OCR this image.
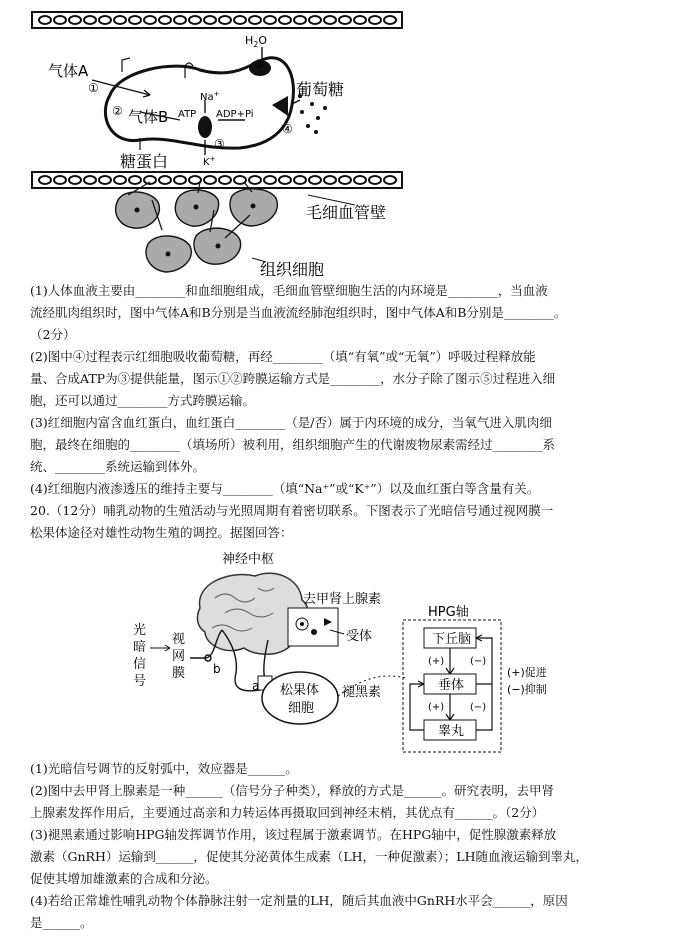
$H_2O$
⑤
气体A
①
气体B
②
Na+
ATP ADP+Pi
③
K+
④
葡萄糖
糖蛋白
毛细血管壁
组织细胞
(1)人体血液主要由________和血细胞组成，毛细血管壁细胞生活的内环境是________，当血液
流经肌肉组织时，图中气体A和B分别是当血液流经肺泡组织时，图中气体A和B分别是________。
（2分）
(2)图中④过程表示红细胞吸收葡萄糖，再经________（填“有氧”或“无氧”）呼吸过程释放能
量、合成ATP为③提供能量，图示①②跨膜运输方式是________，水分子除了图示⑤过程进入细
胞，还可以通过________方式跨膜运输。
(3)红细胞内富含血红蛋白，血红蛋白________（是/否）属于内环境的成分，当氧气进入肌肉细
胞，最终在细胞的________（填场所）被利用，组织细胞产生的代谢废物尿素需经过________系
统、________系统运输到体外。
(4)红细胞内液渗透压的维持主要与________（填“Na⁺”或“K⁺”）以及血红蛋白等含量有关。
20.（12分）哺乳动物的生殖活动与光照周期有着密切联系。下图表示了光暗信号通过视网膜一
松果体途径对雄性动物生殖的调控。据图回答：
神经中枢
去甲肾上腺素
受体
光
暗
信
号
视
网
膜 b
a 松果体
细胞
褪黑素
HPG轴
下丘脑
垂体
睾丸
(+)	(−)
(+)	(−)
(+)促进
(−)抑制
(1)光暗信号调节的反射弧中，效应器是______。
(2)图中去甲肾上腺素是一种______（信号分子种类），释放的方式是______。研究表明，去甲肾
上腺素发挥作用后，主要通过高亲和力转运体再摄取回到神经末梢，其优点有______。（2分）
(3)褪黑素通过影响HPG轴发挥调节作用，该过程属于激素调节。在HPG轴中，促性腺激素释放
激素（GnRH）运输到______，促使其分泌黄体生成素（LH，一种促激素）；LH随血液运输到睾丸，
促使其增加雄激素的合成和分泌。
(4)若给正常雄性哺乳动物个体静脉注射一定剂量的LH，随后其血液中GnRH水平会______，原因
是______。
